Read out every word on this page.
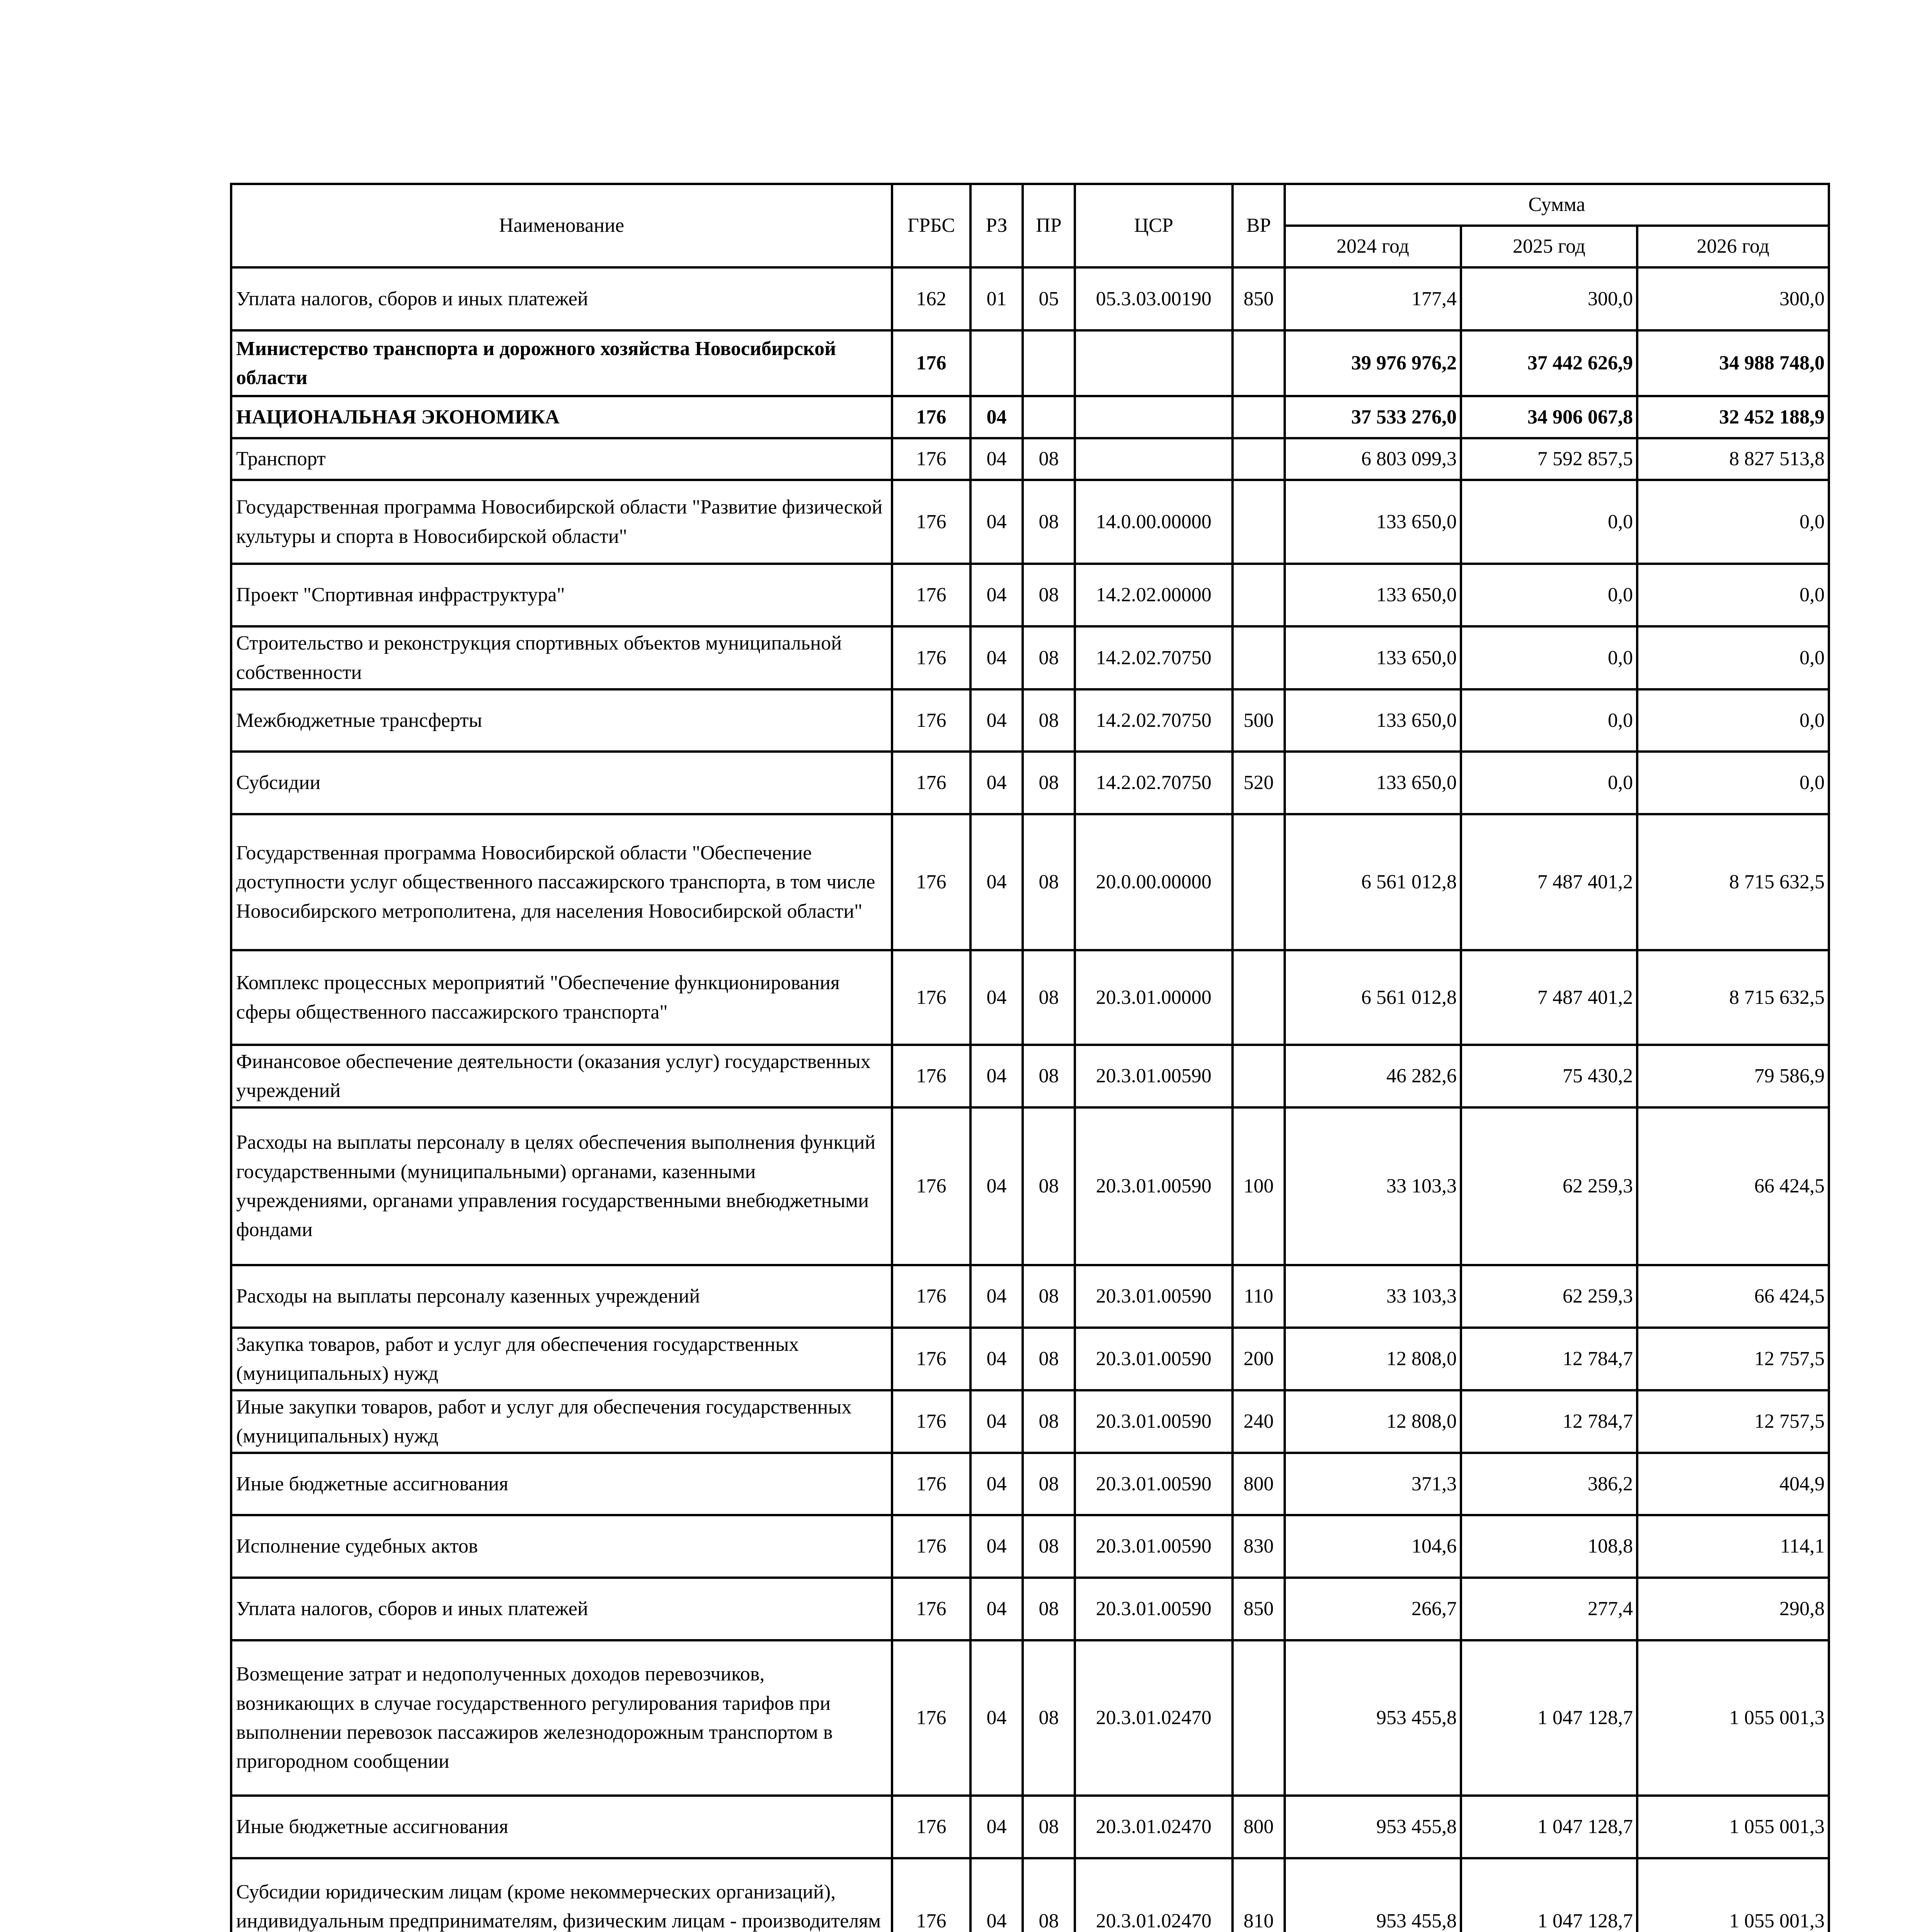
Наименование	ГРБС	РЗ	ПР	ЦСР	ВР	Сумма		
						2024 год	2025 год	2026 год
Уплата налогов, сборов и иных платежей	162	01	05	05.3.03.00190	850	177,4	300,0	300,0
Министерство транспорта и дорожного хозяйства Новосибирской области	176					39 976 976,2	37 442 626,9	34 988 748,0
НАЦИОНАЛЬНАЯ ЭКОНОМИКА	176	04				37 533 276,0	34 906 067,8	32 452 188,9
Транспорт	176	04	08			6 803 099,3	7 592 857,5	8 827 513,8
Государственная программа Новосибирской области "Развитие физической культуры и спорта в Новосибирской области"	176	04	08	14.0.00.00000		133 650,0	0,0	0,0
Проект "Спортивная инфраструктура"	176	04	08	14.2.02.00000		133 650,0	0,0	0,0
Строительство и реконструкция спортивных объектов муниципальной собственности	176	04	08	14.2.02.70750		133 650,0	0,0	0,0
Межбюджетные трансферты	176	04	08	14.2.02.70750	500	133 650,0	0,0	0,0
Субсидии	176	04	08	14.2.02.70750	520	133 650,0	0,0	0,0
Государственная программа Новосибирской области "Обеспечение доступности услуг общественного пассажирского транспорта, в том числе Новосибирского метрополитена, для населения Новосибирской области"	176	04	08	20.0.00.00000		6 561 012,8	7 487 401,2	8 715 632,5
Комплекс процессных мероприятий "Обеспечение функционирования сферы общественного пассажирского транспорта"	176	04	08	20.3.01.00000		6 561 012,8	7 487 401,2	8 715 632,5
Финансовое обеспечение деятельности (оказания услуг) государственных учреждений	176	04	08	20.3.01.00590		46 282,6	75 430,2	79 586,9
Расходы на выплаты персоналу в целях обеспечения выполнения функций государственными (муниципальными) органами, казенными учреждениями, органами управления государственными внебюджетными фондами	176	04	08	20.3.01.00590	100	33 103,3	62 259,3	66 424,5
Расходы на выплаты персоналу казенных учреждений	176	04	08	20.3.01.00590	110	33 103,3	62 259,3	66 424,5
Закупка товаров, работ и услуг для обеспечения государственных (муниципальных) нужд	176	04	08	20.3.01.00590	200	12 808,0	12 784,7	12 757,5
Иные закупки товаров, работ и услуг для обеспечения государственных (муниципальных) нужд	176	04	08	20.3.01.00590	240	12 808,0	12 784,7	12 757,5
Иные бюджетные ассигнования	176	04	08	20.3.01.00590	800	371,3	386,2	404,9
Исполнение судебных актов	176	04	08	20.3.01.00590	830	104,6	108,8	114,1
Уплата налогов, сборов и иных платежей	176	04	08	20.3.01.00590	850	266,7	277,4	290,8
Возмещение затрат и недополученных доходов перевозчиков, возникающих в случае государственного регулирования тарифов при выполнении перевозок пассажиров железнодорожным транспортом в пригородном сообщении	176	04	08	20.3.01.02470		953 455,8	1 047 128,7	1 055 001,3
Иные бюджетные ассигнования	176	04	08	20.3.01.02470	800	953 455,8	1 047 128,7	1 055 001,3
Субсидии юридическим лицам (кроме некоммерческих организаций), индивидуальным предпринимателям, физическим лицам - производителям	176	04	08	20.3.01.02470	810	953 455,8	1 047 128,7	1 055 001,3
